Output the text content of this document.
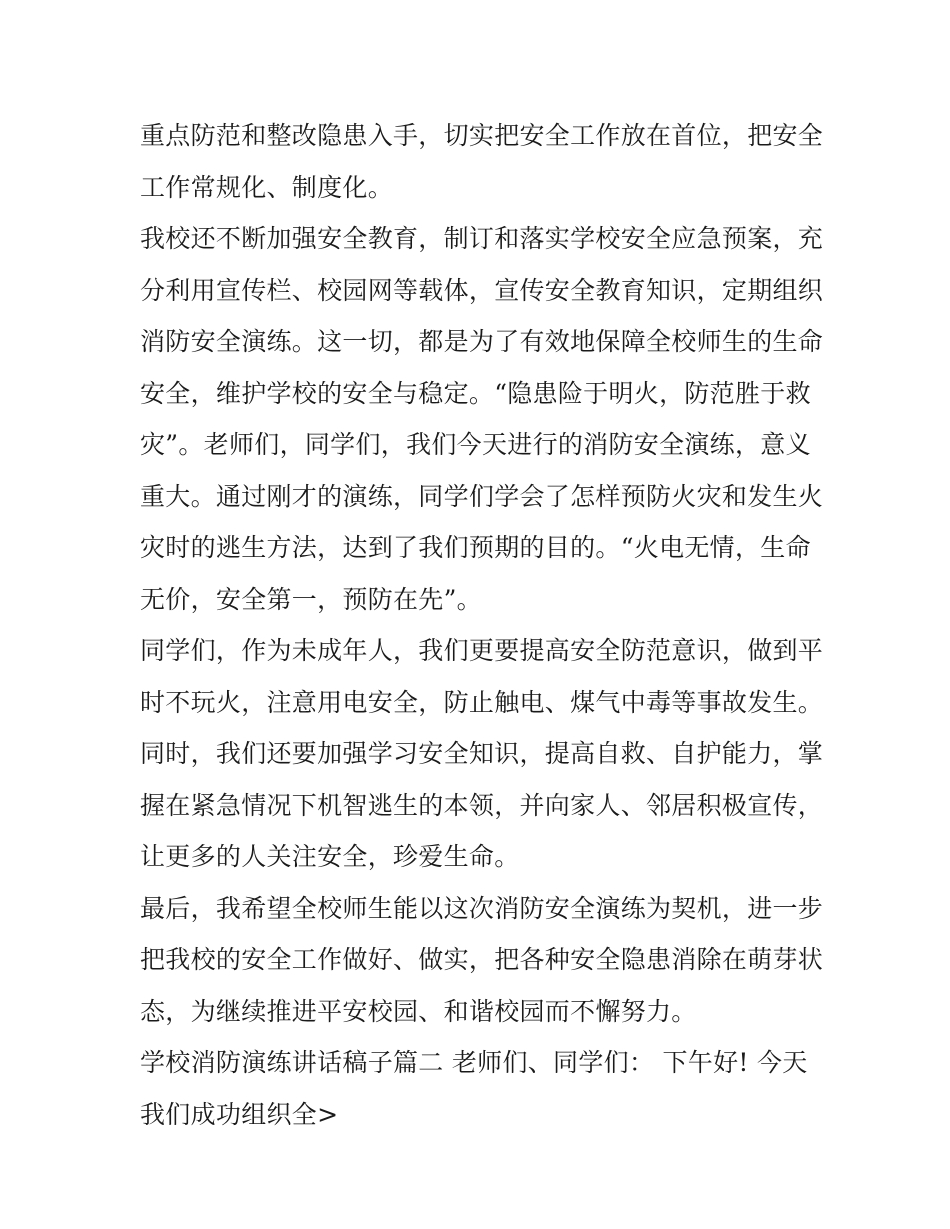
重点防范和整改隐患入手，切实把安全工作放在首位，把安全
工作常规化、制度化。
我校还不断加强安全教育，制订和落实学校安全应急预案，充
分利用宣传栏、校园网等载体，宣传安全教育知识，定期组织
消防安全演练。这一切，都是为了有效地保障全校师生的生命
安全，维护学校的安全与稳定。“隐患险于明火，防范胜于救
灾”。老师们，同学们，我们今天进行的消防安全演练，意义
重大。通过刚才的演练，同学们学会了怎样预防火灾和发生火
灾时的逃生方法，达到了我们预期的目的。“火电无情，生命
无价，安全第一，预防在先”。
同学们，作为未成年人，我们更要提高安全防范意识，做到平
时不玩火，注意用电安全，防止触电、煤气中毒等事故发生。
同时，我们还要加强学习安全知识，提高自救、自护能力，掌
握在紧急情况下机智逃生的本领，并向家人、邻居积极宣传，
让更多的人关注安全，珍爱生命。
最后，我希望全校师生能以这次消防安全演练为契机，进一步
把我校的安全工作做好、做实，把各种安全隐患消除在萌芽状
态，为继续推进平安校园、和谐校园而不懈努力。
学校消防演练讲话稿子篇二 老师们、同学们： 下午好! 今天
我们成功组织全>
